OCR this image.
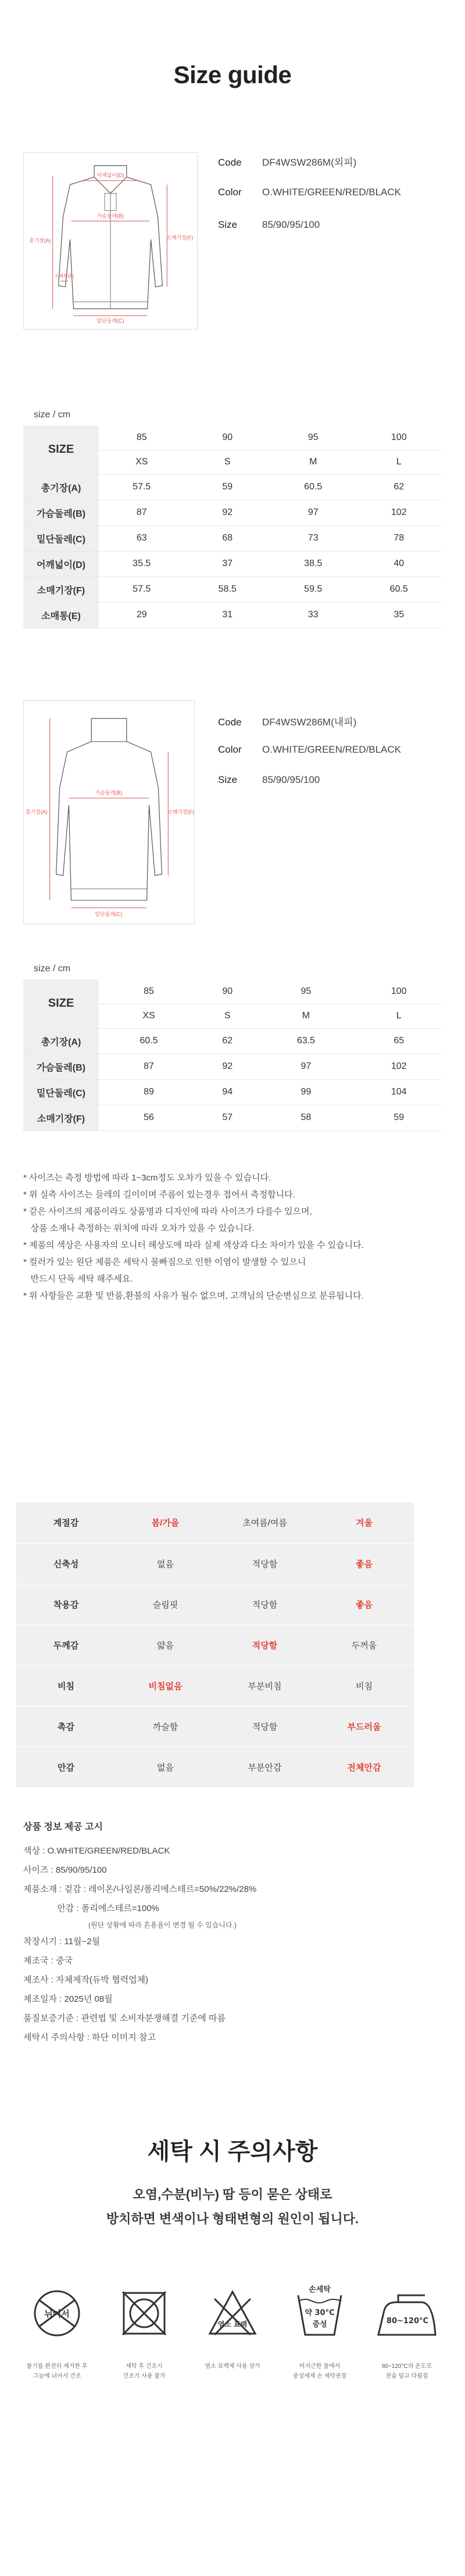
Size guide
어깨넓이(D)
가슴둘레(B)
밑단둘레(C)
총기장(A)	소매기장(F)
소매통(E)
Code DF4WSW286M(외피)
Color O.WHITE/GREEN/RED/BLACK
Size	85/90/95/100
size / cm
SIZE	85	90	95	100
	XS	S	M	L
총기장(A)	57.5	59	60.5	62
가슴둘레(B)	87	92	97	102
밑단둘레(C)	63	68	73	78
어깨넓이(D)	35.5	37	38.5	40
소매기장(F)	57.5	58.5	59.5	60.5
소매통(E)	29	31	33	35
가슴둘레(B)
밑단둘레(C)
총기장(A)	소매기장(F)
Code DF4WSW286M(내피)
Color O.WHITE/GREEN/RED/BLACK
Size	85/90/95/100
size / cm
SIZE	85	90	95	100
	XS	S	M	L
총기장(A)	60.5	62	63.5	65
가슴둘레(B)	87	92	97	102
밑단둘레(C)	89	94	99	104
소매기장(F)	56	57	58	59

* 사이즈는 측정 방법에 따라 1~3cm정도 오차가 있을 수 있습니다.

* 위 실측 사이즈는 들레의 길이이며 주름이 있는경우 접어서 측정합니다.

* 같은 사이즈의 제품이라도 상품명과 디자인에 따라 사이즈가 다를수 있으며,

상품 소재나 측정하는 위치에 따라 오차가 있을 수 있습니다.

* 제품의 색상은 사용자의 모니터 해상도에 따라 실제 색상과 다소 차이가 있을 수 있습니다.

* 컬러가 있는 원단 제품은 세탁시 물빠짐으로 인한 이염이 발생할 수 있으니

반드시 단독 세탁 해주세요.

* 위 사항들은 교환 및 반품,환불의 사유가 될수 없으며, 고객님의 단순변심으로 분류됩니다.

계절감	봄/가을	초여름/여름	겨울
신축성	없음	적당함	좋음
착용감	슬림핏	적당함	좋음
두께감	얇음	적당함	두꺼움
비침	비침없음	부분비침	비침
촉감	까슬함	적당함	부드러움
안감	없음	부분안감	전체안감
상품 정보 제공 고시
색상 : O.WHITE/GREEN/RED/BLACK
사이즈 : 85/90/95/100
제품소재 : 겉감 : 레이온/나일론/폴리에스테르=50%/22%/28%
안감 : 폴리에스테르=100%
(원단 상황에 따라 혼용율이 변경 될 수 있습니다.)
착장시기 : 11월~2월
제조국 : 중국
제조사 : 자체제작(듀박 협력업체)
제조일자 : 2025년 08월
품질보증기준 : 관련법 및 소비자분쟁해결 기준에 따름
세탁시 주의사항 : 하단 이미지 참고
세탁 시 주의사항
오염,수분(비누) 땀 등이 묻은 상태로
방치하면 변색이나 형태변형의 원인이 됩니다.
뉘어서
염소 표백
손세탁
약 30°C
중성	80~120°C
물기를 완전히 제거한 후
그늘에 뉘어서 건조
세탁 후 건조시
건조기 사용 불가
염소 표백제 사용 삼가	미지근한 물에서
중성세제 손 세탁권장
80~120°C의 온도로
천을 덮고 다림질
